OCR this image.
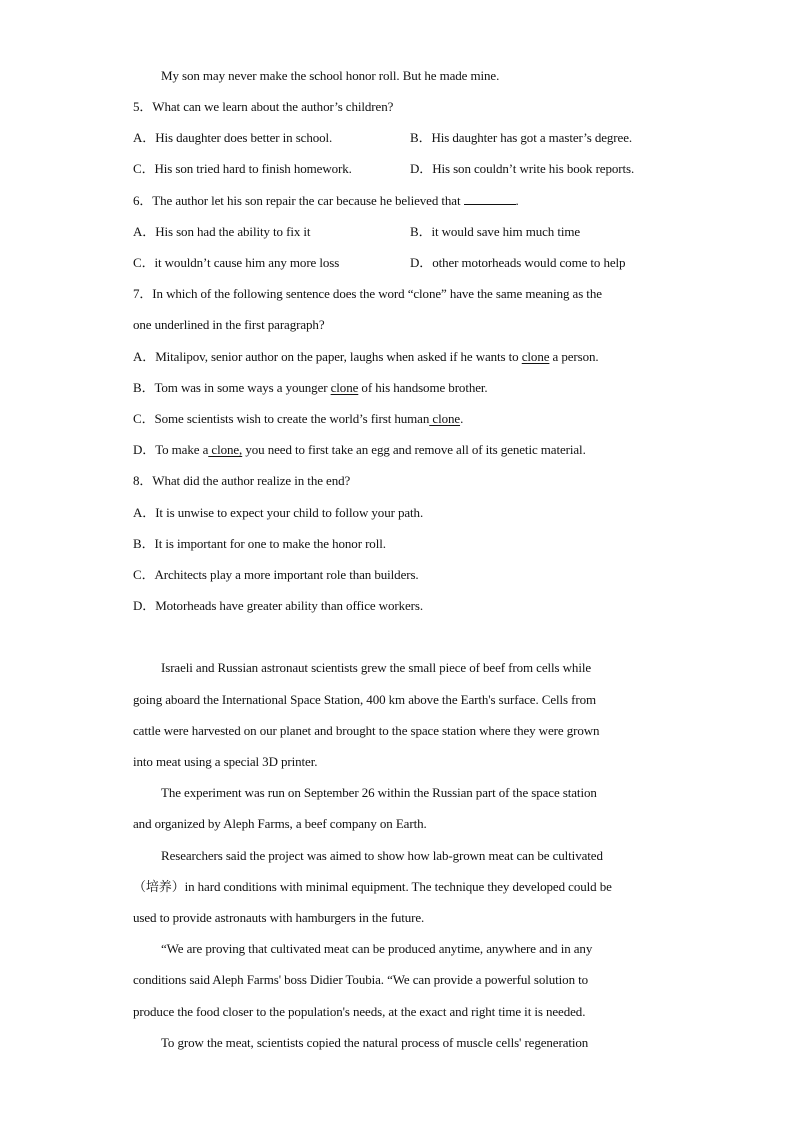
My son may never make the school honor roll. But he made mine.
5．What can we learn about the author’s children?
A．His daughter does better in school.	B．His daughter has got a master’s degree.
C．His son tried hard to finish homework.	D．His son couldn’t write his book reports.
6．The author let his son repair the car because he believed that	.
A．His son had the ability to fix it	B．it would save him much time
C．it wouldn’t cause him any more loss	D．other motorheads would come to help
7．In which of the following sentence does the word “clone” have the same meaning as the
one underlined in the first paragraph?
A．Mitalipov, senior author on the paper, laughs when asked if he wants to clone a person.
B．Tom was in some ways a younger clone of his handsome brother.
C．Some scientists wish to create the world’s first human clone.
D．To make a clone, you need to first take an egg and remove all of its genetic material.
8．What did the author realize in the end?
A．It is unwise to expect your child to follow your path.
B．It is important for one to make the honor roll.
C．Architects play a more important role than builders.
D．Motorheads have greater ability than office workers.
Israeli and Russian astronaut scientists grew the small piece of beef from cells while
going aboard the International Space Station, 400 km above the Earth's surface. Cells from
cattle were harvested on our planet and brought to the space station where they were grown
into meat using a special 3D printer.
The experiment was run on September 26 within the Russian part of the space station
and organized by Aleph Farms, a beef company on Earth.
Researchers said the project was aimed to show how lab-grown meat can be cultivated
（培养）in hard conditions with minimal equipment. The technique they developed could be
used to provide astronauts with hamburgers in the future.
“We are proving that cultivated meat can be produced anytime, anywhere and in any
conditions said Aleph Farms' boss Didier Toubia. “We can provide a powerful solution to
produce the food closer to the population's needs, at the exact and right time it is needed.
To grow the meat, scientists copied the natural process of muscle cells' regeneration
